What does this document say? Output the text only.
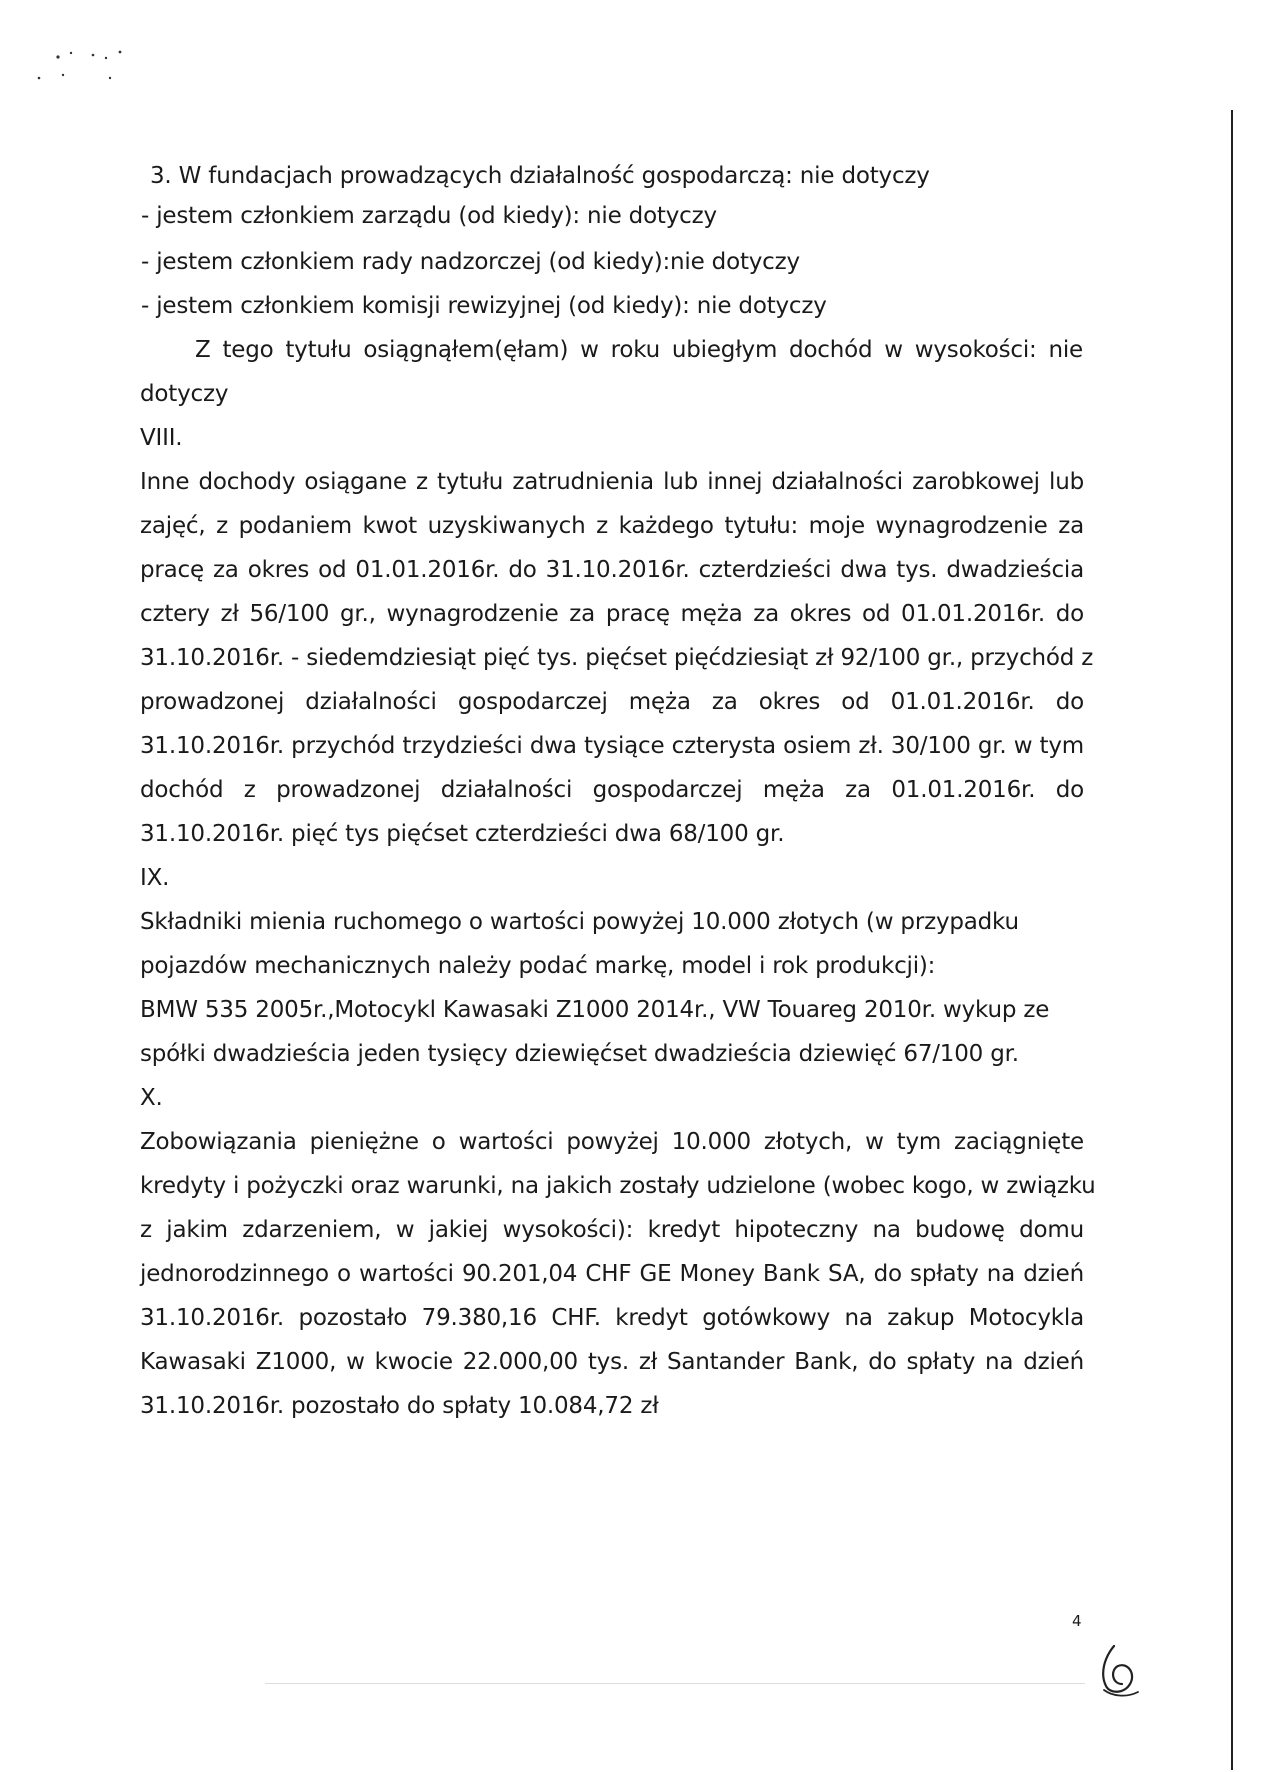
3. W fundacjach prowadzących działalność gospodarczą: nie dotyczy
- jestem członkiem zarządu (od kiedy): nie dotyczy
- jestem członkiem rady nadzorczej (od kiedy):nie dotyczy
- jestem członkiem komisji rewizyjnej (od kiedy): nie dotyczy
Z tego tytułu osiągnąłem(ęłam) w roku ubiegłym dochód w wysokości: nie
dotyczy
VIII.
Inne dochody osiągane z tytułu zatrudnienia lub innej działalności zarobkowej lub
zajęć, z podaniem kwot uzyskiwanych z każdego tytułu: moje wynagrodzenie za
pracę za okres od 01.01.2016r. do 31.10.2016r. czterdzieści dwa tys. dwadzieścia
cztery zł 56/100 gr., wynagrodzenie za pracę męża za okres od 01.01.2016r. do
31.10.2016r. - siedemdziesiąt pięć tys. pięćset pięćdziesiąt zł 92/100 gr., przychód z
prowadzonej działalności gospodarczej męża za okres od 01.01.2016r. do
31.10.2016r. przychód trzydzieści dwa tysiące czterysta osiem zł. 30/100 gr. w tym
dochód z prowadzonej działalności gospodarczej męża za 01.01.2016r. do
31.10.2016r. pięć tys pięćset czterdzieści dwa 68/100 gr.
IX.
Składniki mienia ruchomego o wartości powyżej 10.000 złotych (w przypadku
pojazdów mechanicznych należy podać markę, model i rok produkcji):
BMW 535 2005r.,Motocykl Kawasaki Z1000 2014r., VW Touareg 2010r. wykup ze
spółki dwadzieścia jeden tysięcy dziewięćset dwadzieścia dziewięć 67/100 gr.
X.
Zobowiązania pieniężne o wartości powyżej 10.000 złotych, w tym zaciągnięte
kredyty i pożyczki oraz warunki, na jakich zostały udzielone (wobec kogo, w związku
z jakim zdarzeniem, w jakiej wysokości): kredyt hipoteczny na budowę domu
jednorodzinnego o wartości 90.201,04 CHF GE Money Bank SA, do spłaty na dzień
31.10.2016r. pozostało 79.380,16 CHF. kredyt gotówkowy na zakup Motocykla
Kawasaki Z1000, w kwocie 22.000,00 tys. zł Santander Bank, do spłaty na dzień
31.10.2016r. pozostało do spłaty 10.084,72 zł
4
